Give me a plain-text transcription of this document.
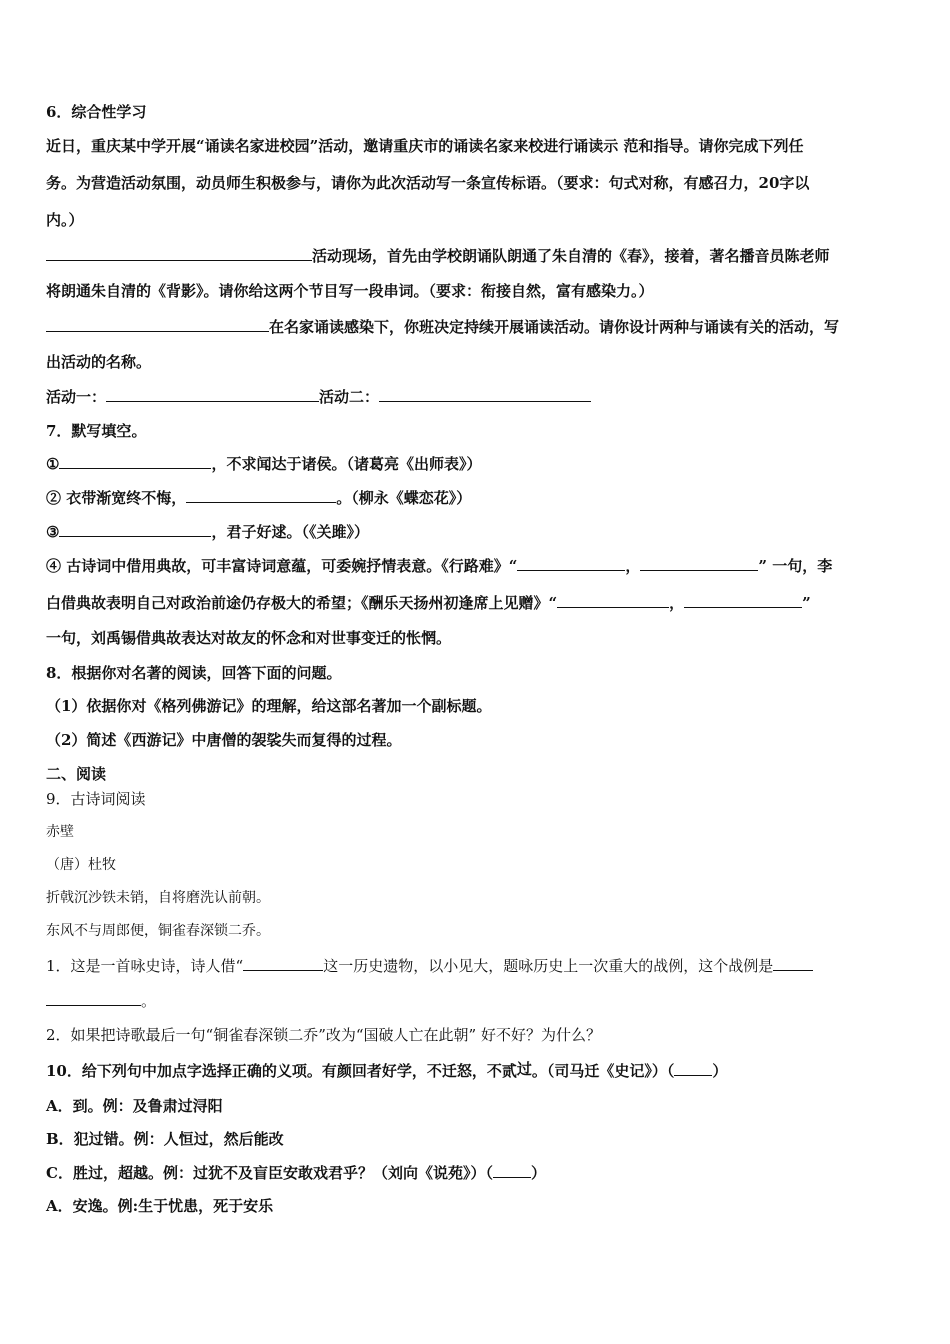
6．综合性学习
近日，重庆某中学开展“诵读名家进校园”活动，邀请重庆市的诵读名家来校进行诵读示 范和指导。请你完成下列任
务。为营造活动氛围，动员师生积极参与，请你为此次活动写一条宣传标语。（要求：句式对称，有感召力，20字以
内。）
活动现场，首先由学校朗诵队朗通了朱自清的《春》，接着，著名播音员陈老师
将朗通朱自清的《背影》。请你给这两个节目写一段串词。（要求：衔接自然，富有感染力。）
在名家诵读感染下，你班决定持续开展诵读活动。请你设计两种与诵读有关的活动，写
出活动的名称。
活动一：	活动二：
7．默写填空。
①	，不求闻达于诸侯。（诸葛亮《出师表》）
② 衣带渐宽终不悔，	。（柳永《蝶恋花》）
③	，君子好逑。（《关雎》）
④ 古诗词中借用典故，可丰富诗词意蕴，可委婉抒情表意。《行路难》“	，	” 一句，李
白借典故表明自己对政治前途仍存极大的希望；《酬乐天扬州初逢席上见赠》“	，	”
一句，刘禹锡借典故表达对故友的怀念和对世事变迁的怅惘。
8．根据你对名著的阅读，回答下面的问题。
（1）依据你对《格列佛游记》的理解，给这部名著加一个副标题。
（2）简述《西游记》中唐僧的袈裟失而复得的过程。
二、阅读
9．古诗词阅读
赤壁
（唐）杜牧
折戟沉沙铁未销，自将磨洗认前朝。
东风不与周郎便，铜雀春深锁二乔。
1．这是一首咏史诗，诗人借“	这一历史遗物，以小见大，题咏历史上一次重大的战例，这个战例是
。
2．如果把诗歌最后一句“铜雀春深锁二乔”改为“国破人亡在此朝” 好不好？为什么？
10．给下列句中加点字选择正确的义项。有颜回者好学，不迁怒，不贰过。（司马迁《史记》）（	）
A．到。例：及鲁肃过浔阳
B．犯过错。例：人恒过，然后能改
C．胜过，超越。例：过犹不及盲臣安敢戏君乎？（刘向《说苑》）（	）
A．安逸。例:生于忧患，死于安乐
